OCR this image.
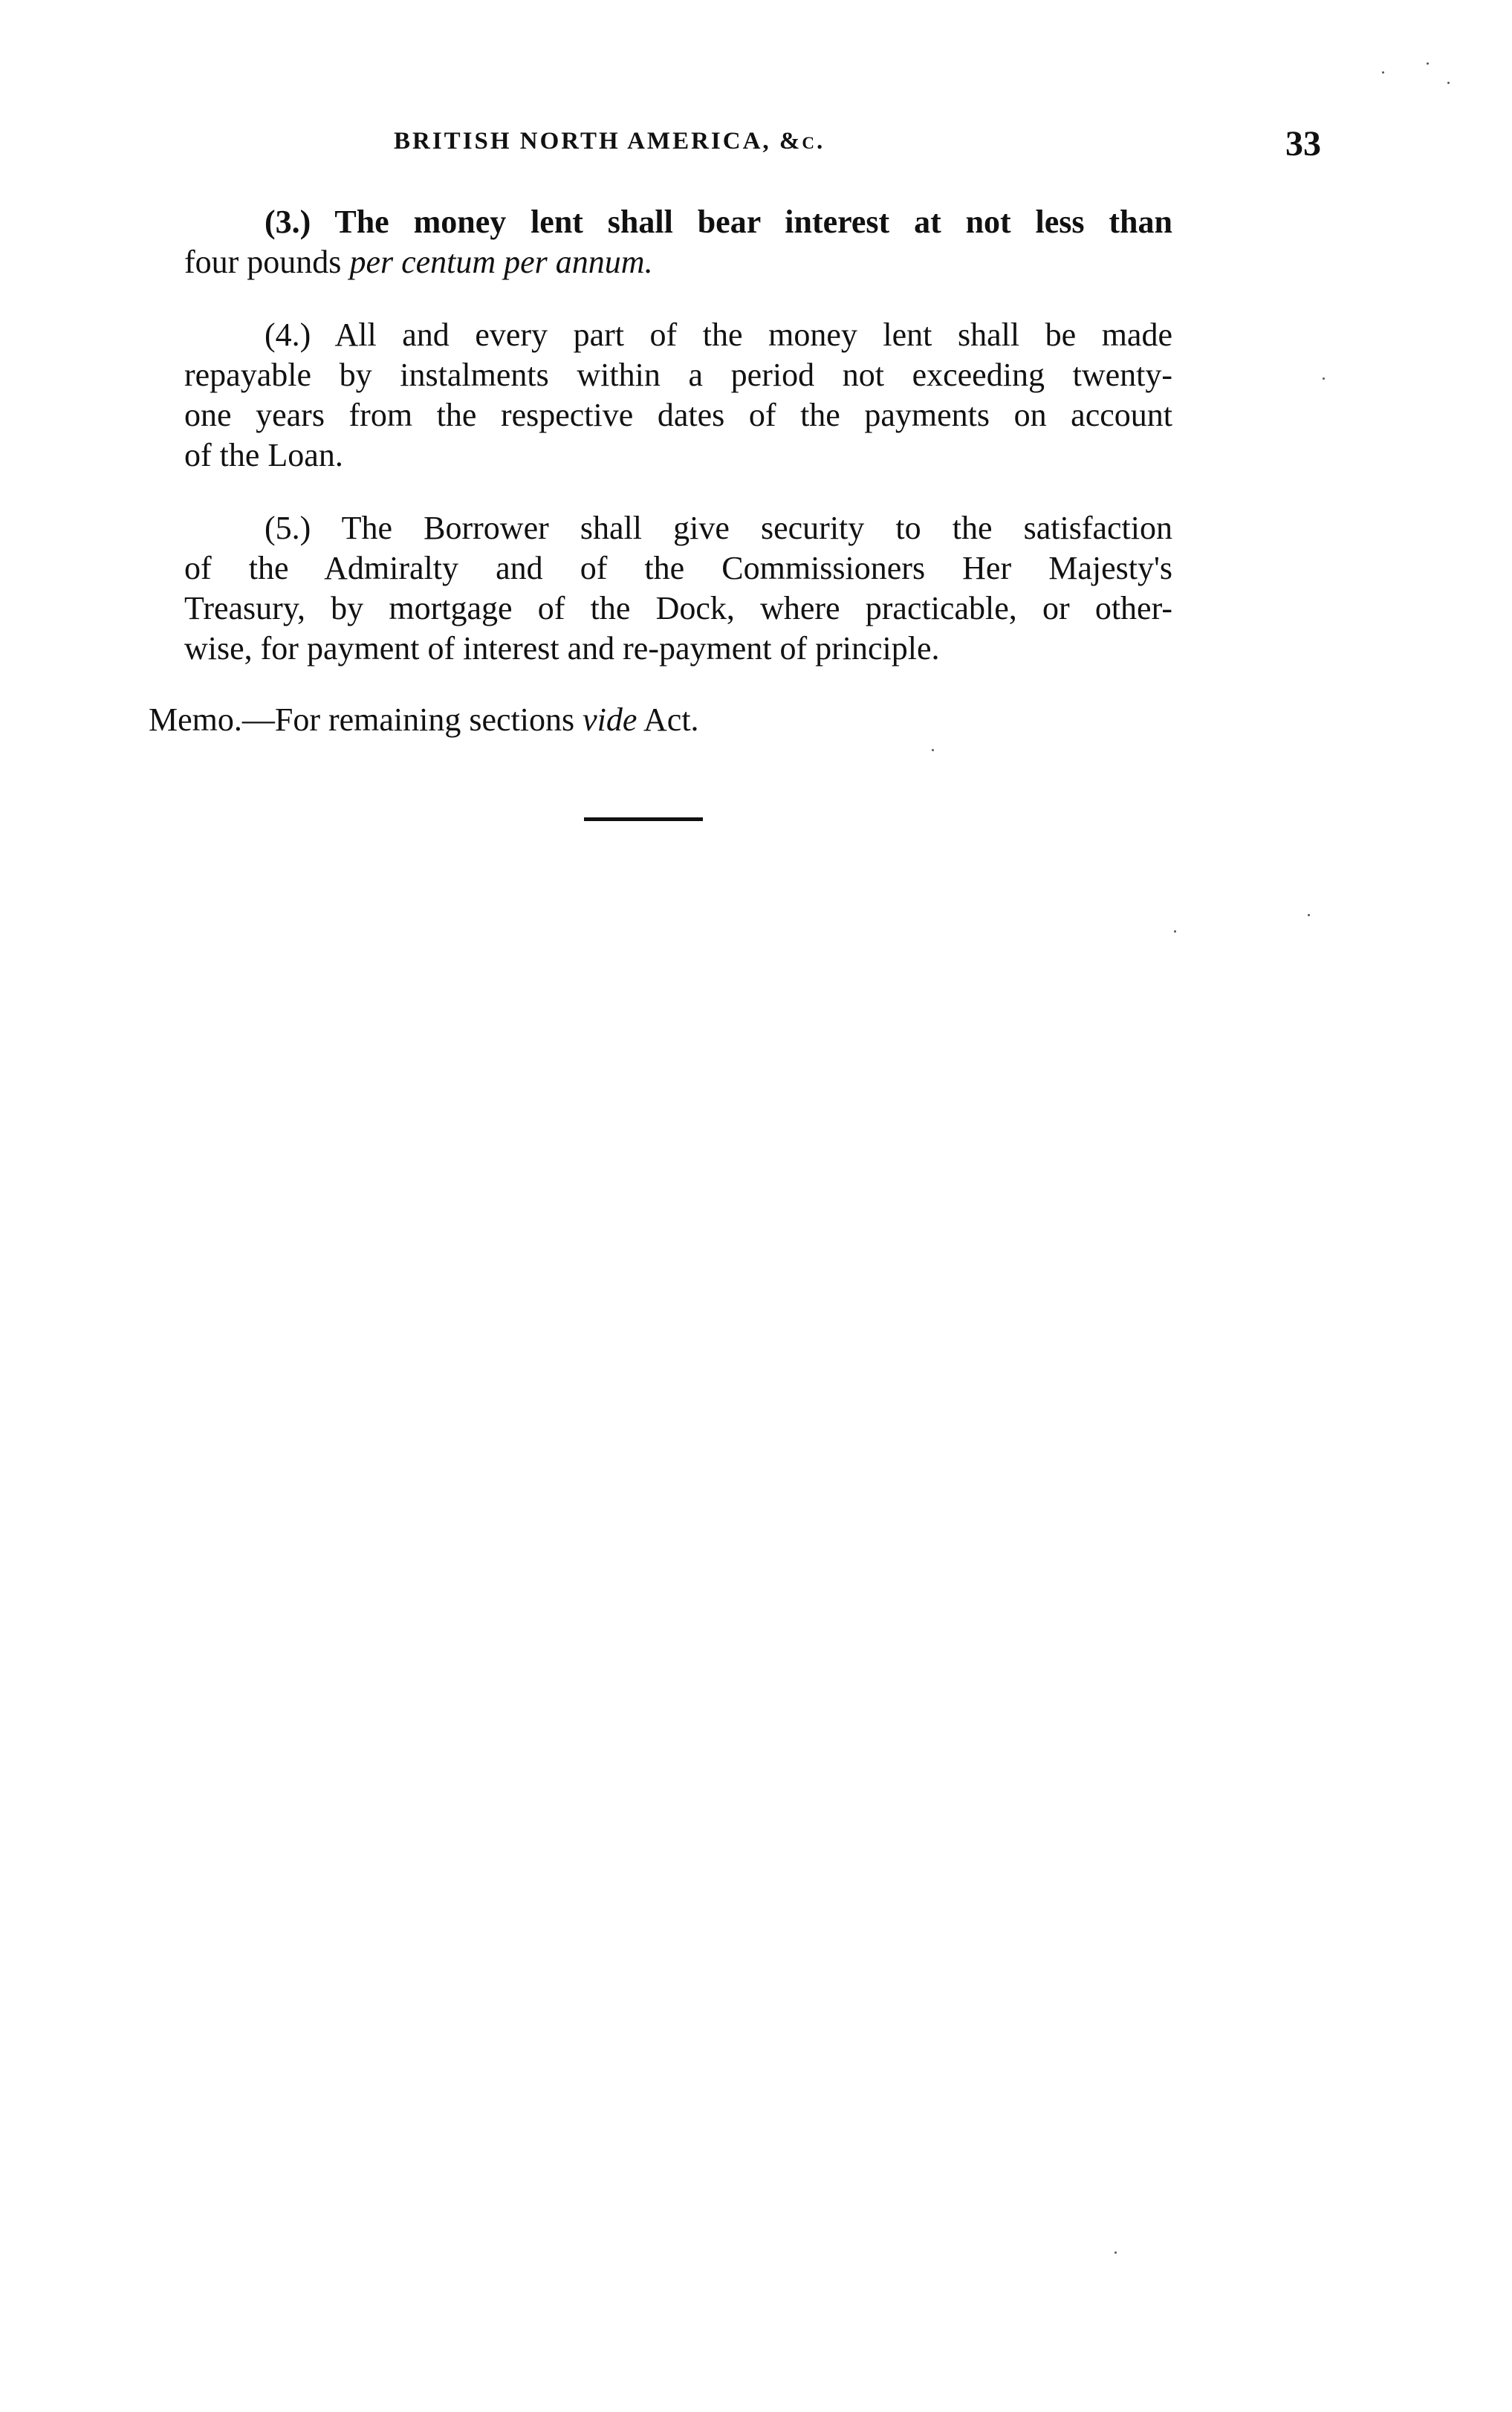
BRITISH NORTH AMERICA, &c.	33
(3.) The money lent shall bear interest at not less than
four pounds per centum per annum.
(4.) All and every part of the money lent shall be made
repayable by instalments within a period not exceeding twenty-
one years from the respective dates of the payments on account
of the Loan.
(5.) The Borrower shall give security to the satisfaction
of the Admiralty and of the Commissioners Her Majesty's
Treasury, by mortgage of the Dock, where practicable, or other-
wise, for payment of interest and re-payment of principle.
Memo.—For remaining sections vide Act.
